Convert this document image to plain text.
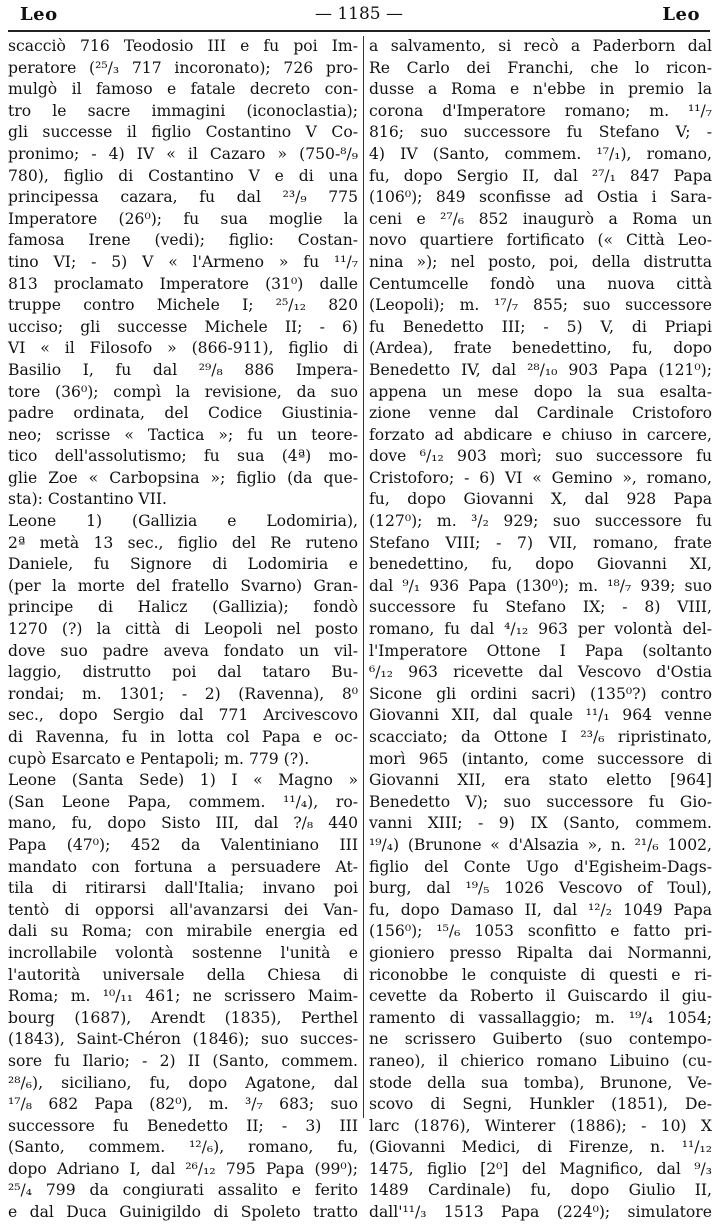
Leo	— 1185 —	Leo
scacciò 716 Teodosio III e fu poi Im-
peratore (²⁵/₃ 717 incoronato); 726 pro-
mulgò il famoso e fatale decreto con-
tro le sacre immagini (iconoclastia);
gli successe il figlio Costantino V Co-
pronimo; - 4) IV « il Cazaro » (750-⁸/₉
780), figlio di Costantino V e di una
principessa cazara, fu dal ²³/₉ 775
Imperatore (26⁰); fu sua moglie la
famosa Irene (vedi); figlio: Costan-
tino VI; - 5) V « l'Armeno » fu ¹¹/₇
813 proclamato Imperatore (31⁰) dalle
truppe contro Michele I; ²⁵/₁₂ 820
ucciso; gli successe Michele II; - 6)
VI « il Filosofo » (866-911), figlio di
Basilio I, fu dal ²⁹/₈ 886 Impera-
tore (36⁰); compì la revisione, da suo
padre ordinata, del Codice Giustinia-
neo; scrisse « Tactica »; fu un teore-
tico dell'assolutismo; fu sua (4ª) mo-
glie Zoe « Carbopsina »; figlio (da que-
sta): Costantino VII.
Leone 1) (Gallizia e Lodomiria),
2ª metà 13 sec., figlio del Re ruteno
Daniele, fu Signore di Lodomiria e
(per la morte del fratello Svarno) Gran-
principe di Halicz (Gallizia); fondò
1270 (?) la città di Leopoli nel posto
dove suo padre aveva fondato un vil-
laggio, distrutto poi dal tataro Bu-
rondai; m. 1301; - 2) (Ravenna), 8⁰
sec., dopo Sergio dal 771 Arcivescovo
di Ravenna, fu in lotta col Papa e oc-
cupò Esarcato e Pentapoli; m. 779 (?).
Leone (Santa Sede) 1) I « Magno »
(San Leone Papa, commem. ¹¹/₄), ro-
mano, fu, dopo Sisto III, dal ?/₈ 440
Papa (47⁰); 452 da Valentiniano III
mandato con fortuna a persuadere At-
tila di ritirarsi dall'Italia; invano poi
tentò di opporsi all'avanzarsi dei Van-
dali su Roma; con mirabile energia ed
incrollabile volontà sostenne l'unità e
l'autorità universale della Chiesa di
Roma; m. ¹⁰/₁₁ 461; ne scrissero Maim-
bourg (1687), Arendt (1835), Perthel
(1843), Saint-Chéron (1846); suo succes-
sore fu Ilario; - 2) II (Santo, commem.
²⁸/₆), siciliano, fu, dopo Agatone, dal
¹⁷/₈ 682 Papa (82⁰), m. ³/₇ 683; suo
successore fu Benedetto II; - 3) III
(Santo, commem. ¹²/₆), romano, fu,
dopo Adriano I, dal ²⁶/₁₂ 795 Papa (99⁰);
²⁵/₄ 799 da congiurati assalito e ferito
e dal Duca Guinigildo di Spoleto tratto
a salvamento, si recò a Paderborn dal
Re Carlo dei Franchi, che lo ricon-
dusse a Roma e n'ebbe in premio la
corona d'Imperatore romano; m. ¹¹/₇
816; suo successore fu Stefano V; -
4) IV (Santo, commem. ¹⁷/₁), romano,
fu, dopo Sergio II, dal ²⁷/₁ 847 Papa
(106⁰); 849 sconfisse ad Ostia i Sara-
ceni e ²⁷/₆ 852 inaugurò a Roma un
novo quartiere fortificato (« Città Leo-
nina »); nel posto, poi, della distrutta
Centumcelle fondò una nuova città
(Leopoli); m. ¹⁷/₇ 855; suo successore
fu Benedetto III; - 5) V, di Priapi
(Ardea), frate benedettino, fu, dopo
Benedetto IV, dal ²⁸/₁₀ 903 Papa (121⁰);
appena un mese dopo la sua esalta-
zione venne dal Cardinale Cristoforo
forzato ad abdicare e chiuso in carcere,
dove ⁶/₁₂ 903 morì; suo successore fu
Cristoforo; - 6) VI « Gemino », romano,
fu, dopo Giovanni X, dal 928 Papa
(127⁰); m. ³/₂ 929; suo successore fu
Stefano VIII; - 7) VII, romano, frate
benedettino, fu, dopo Giovanni XI,
dal ⁹/₁ 936 Papa (130⁰); m. ¹⁸/₇ 939; suo
successore fu Stefano IX; - 8) VIII,
romano, fu dal ⁴/₁₂ 963 per volontà del-
l'Imperatore Ottone I Papa (soltanto
⁶/₁₂ 963 ricevette dal Vescovo d'Ostia
Sicone gli ordini sacri) (135⁰?) contro
Giovanni XII, dal quale ¹¹/₁ 964 venne
scacciato; da Ottone I ²³/₆ ripristinato,
morì 965 (intanto, come successore di
Giovanni XII, era stato eletto [964]
Benedetto V); suo successore fu Gio-
vanni XIII; - 9) IX (Santo, commem.
¹⁹/₄) (Brunone « d'Alsazia », n. ²¹/₆ 1002,
figlio del Conte Ugo d'Egisheim-Dags-
burg, dal ¹⁹/₅ 1026 Vescovo of Toul),
fu, dopo Damaso II, dal ¹²/₂ 1049 Papa
(156⁰); ¹⁵/₆ 1053 sconfitto e fatto pri-
gioniero presso Ripalta dai Normanni,
riconobbe le conquiste di questi e ri-
cevette da Roberto il Guiscardo il giu-
ramento di vassallaggio; m. ¹⁹/₄ 1054;
ne scrissero Guiberto (suo contempo-
raneo), il chierico romano Libuino (cu-
stode della sua tomba), Brunone, Ve-
scovo di Segni, Hunkler (1851), De-
larc (1876), Winterer (1886); - 10) X
(Giovanni Medici, di Firenze, n. ¹¹/₁₂
1475, figlio [2⁰] del Magnifico, dal ⁹/₃
1489 Cardinale) fu, dopo Giulio II,
dall'¹¹/₃ 1513 Papa (224⁰); simulatore
